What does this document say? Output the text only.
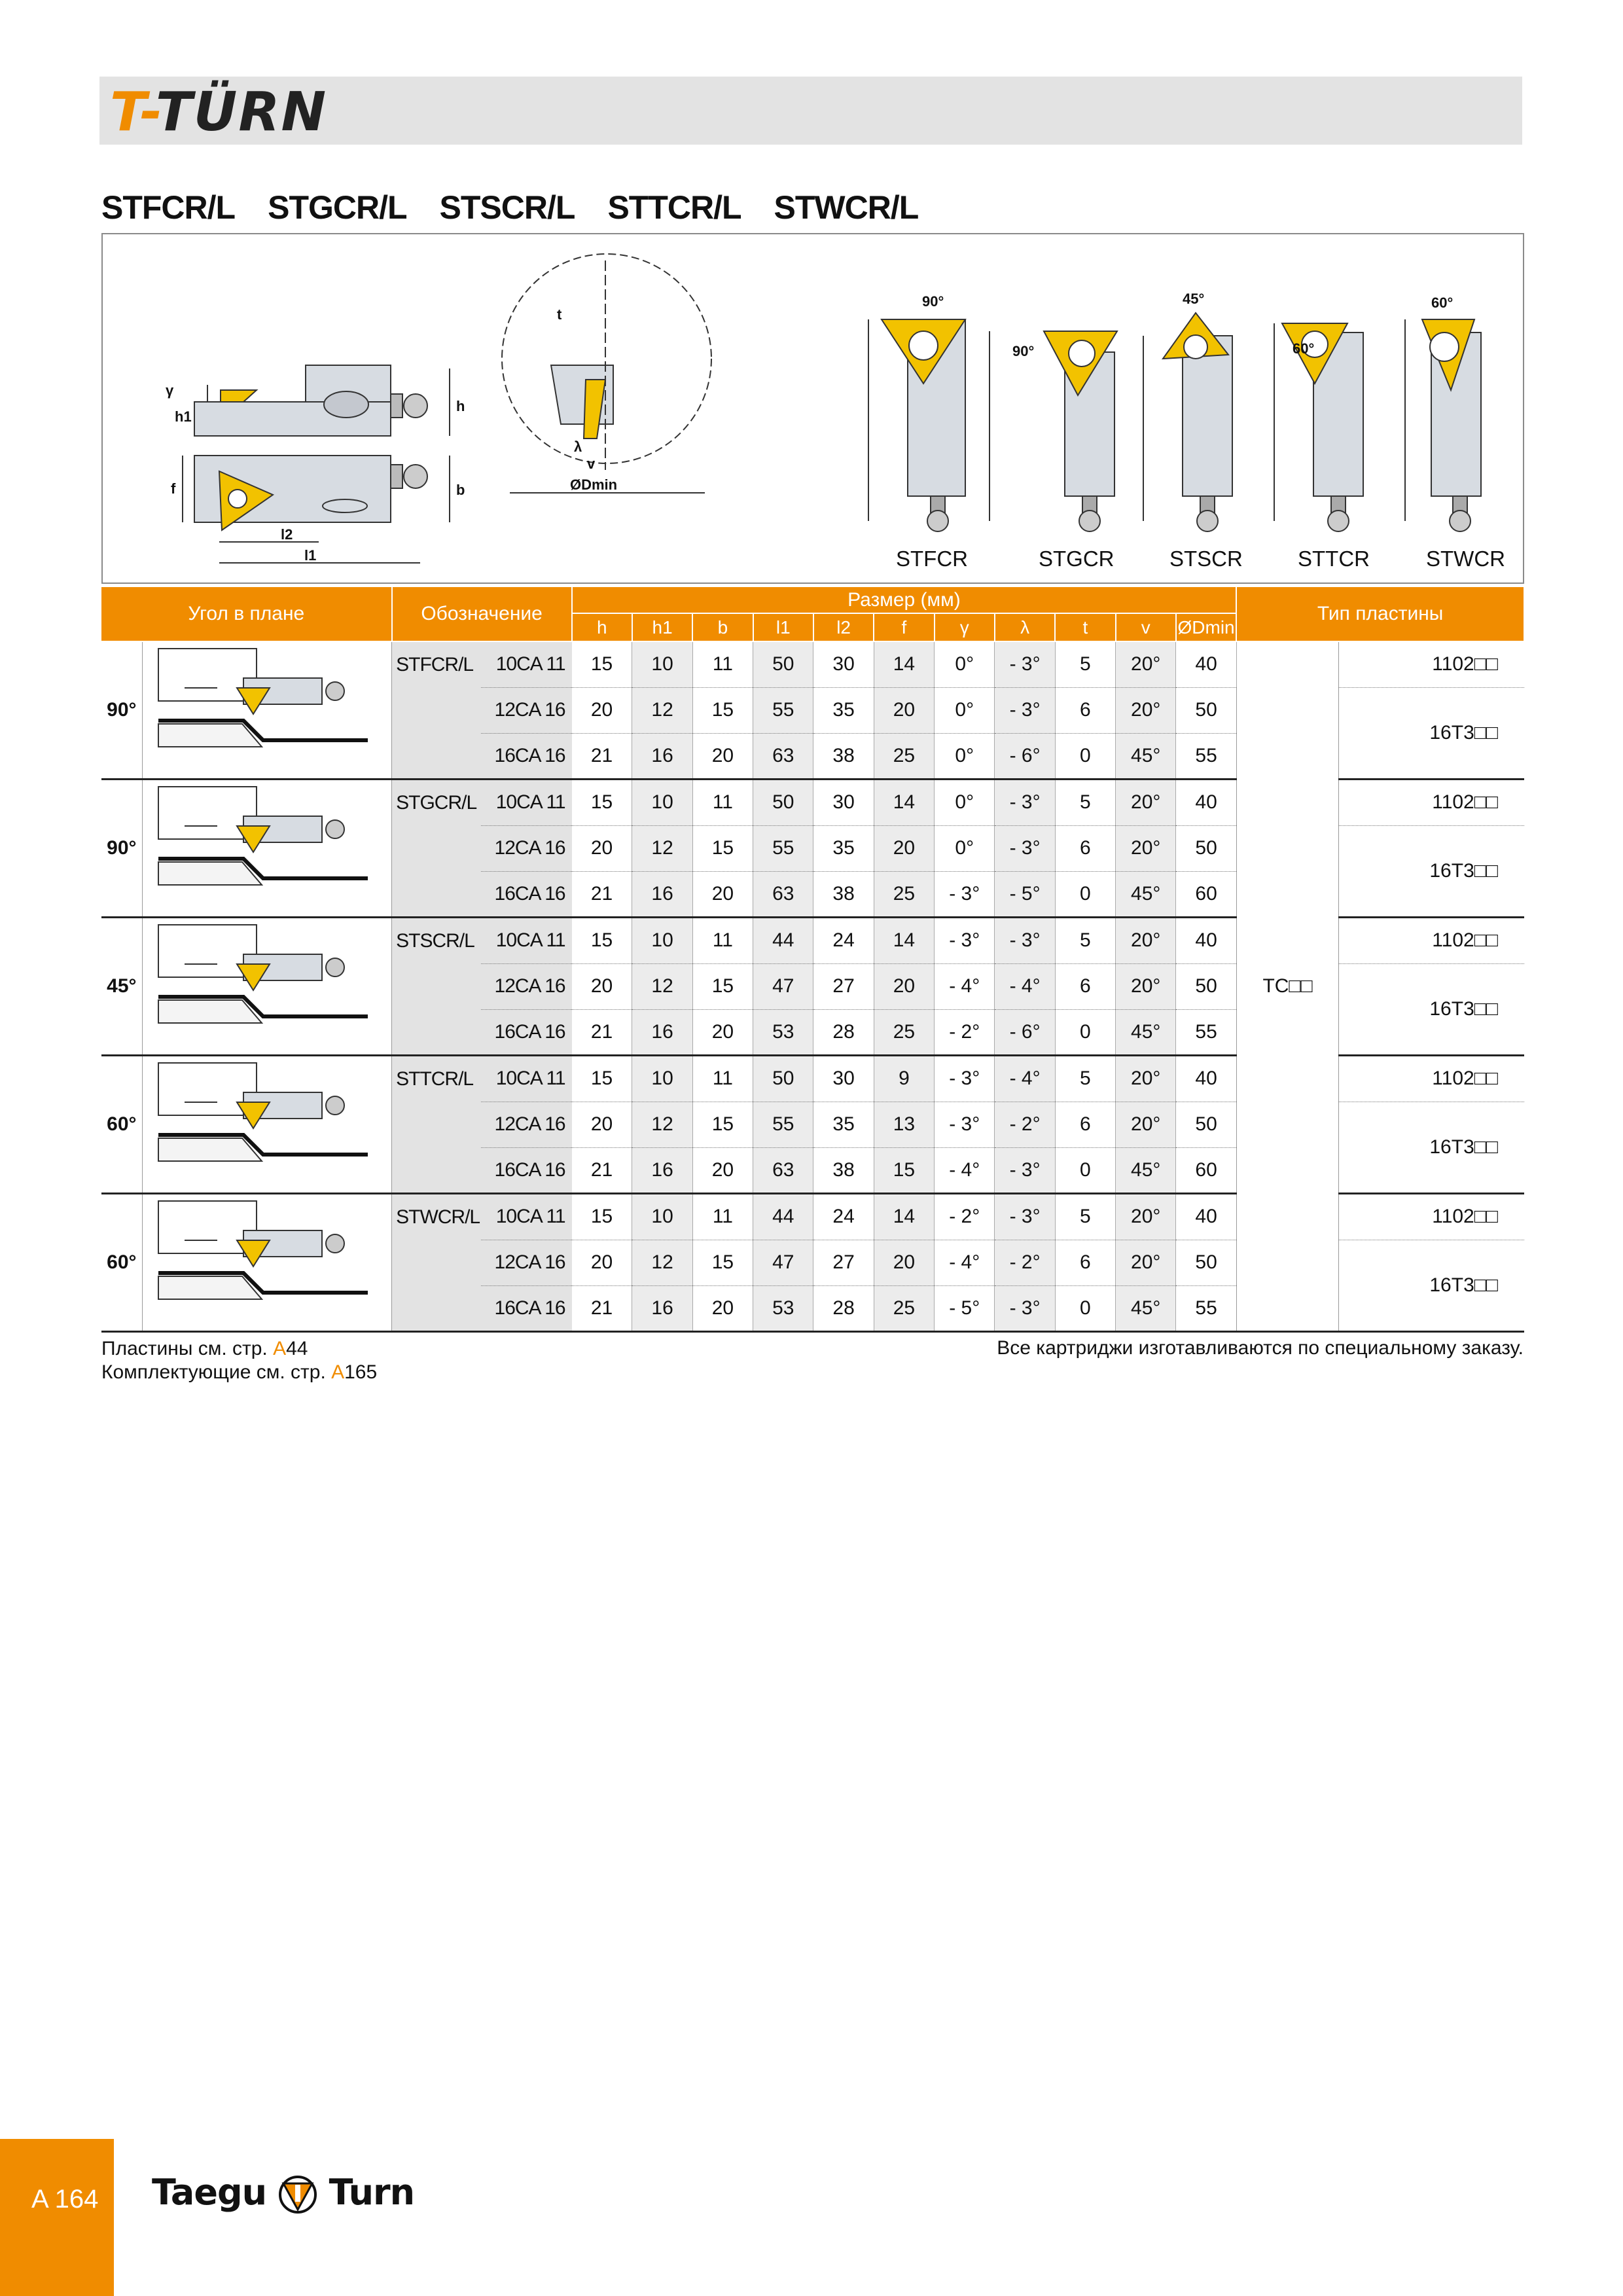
T-TÜRN
STFCR/L STGCR/L STSCR/L STTCR/L STWCR/L
γ
h1
h
b
f
l2
l1
t
λ
v
ØDmin
90°
90°
45°
60°
60°
STFCR	STGCR	STSCR	STTCR	STWCR
Угол в плане		Обозначение		Размер (мм)											Тип пластины	
				h	h1	b	l1	l2	f	γ	λ	t	v	ØDmin		
90°		STFCR/L	10CA 11	15	10	11	50	30	14	0°	- 3°	5	20°	40	TC□□	1102□□
			12CA 16	20	12	15	55	35	20	0°	- 3°	6	20°	50		16T3□□
			16CA 16	21	16	20	63	38	25	0°	- 6°	0	45°	55		
90°		STGCR/L	10CA 11	15	10	11	50	30	14	0°	- 3°	5	20°	40		1102□□
			12CA 16	20	12	15	55	35	20	0°	- 3°	6	20°	50		16T3□□
			16CA 16	21	16	20	63	38	25	- 3°	- 5°	0	45°	60		
45°		STSCR/L	10CA 11	15	10	11	44	24	14	- 3°	- 3°	5	20°	40		1102□□
			12CA 16	20	12	15	47	27	20	- 4°	- 4°	6	20°	50		16T3□□
			16CA 16	21	16	20	53	28	25	- 2°	- 6°	0	45°	55		
60°		STTCR/L	10CA 11	15	10	11	50	30	9	- 3°	- 4°	5	20°	40		1102□□
			12CA 16	20	12	15	55	35	13	- 3°	- 2°	6	20°	50		16T3□□
			16CA 16	21	16	20	63	38	15	- 4°	- 3°	0	45°	60		
60°		STWCR/L	10CA 11	15	10	11	44	24	14	- 2°	- 3°	5	20°	40		1102□□
			12CA 16	20	12	15	47	27	20	- 4°	- 2°	6	20°	50		16T3□□
			16CA 16	21	16	20	53	28	25	- 5°	- 3°	0	45°	55		
Пластины см. стр. A44
Комплектующие см. стр. A165
Все картриджи изготавливаются по специальному заказу.
A 164 Taegu Turn
